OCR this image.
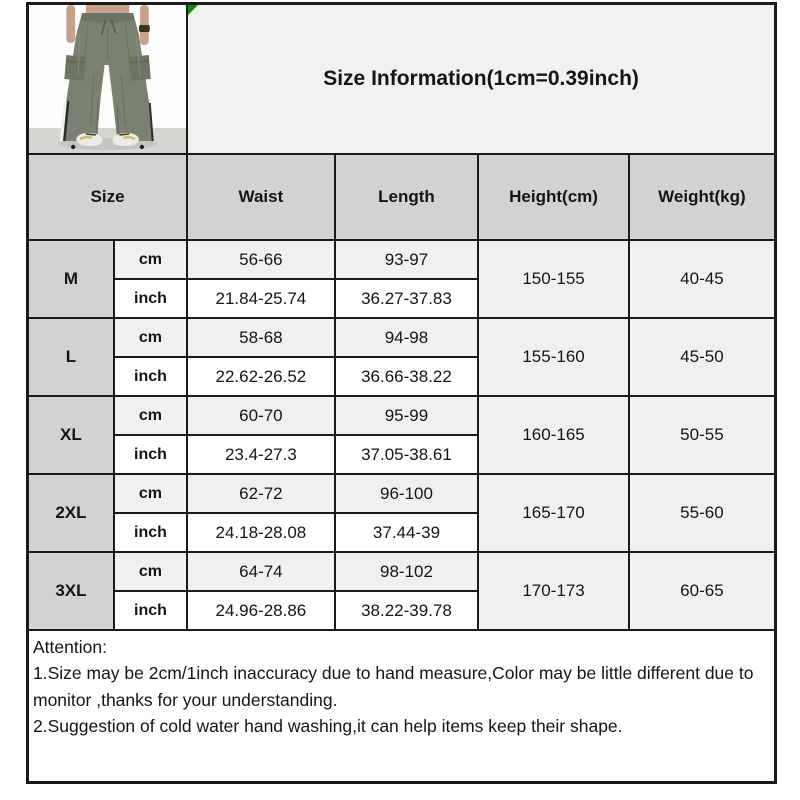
Size Information(1cm=0.39inch)			
Size		Waist	Length	Height(cm)	Weight(kg)
M	cm	56-66	93-97	150-155	40-45
	inch	21.84-25.74	36.27-37.83		
L	cm	58-68	94-98	155-160	45-50
	inch	22.62-26.52	36.66-38.22		
XL	cm	60-70	95-99	160-165	50-55
	inch	23.4-27.3	37.05-38.61		
2XL	cm	62-72	96-100	165-170	55-60
	inch	24.18-28.08	37.44-39		
3XL	cm	64-74	98-102	170-173	60-65
	inch	24.96-28.86	38.22-39.78		

Attention:
1.Size may be 2cm/1inch inaccuracy due to hand measure,Color may be little different due to monitor ,thanks for your understanding.
2.Suggestion of cold water hand washing,it can help items keep their shape.					
